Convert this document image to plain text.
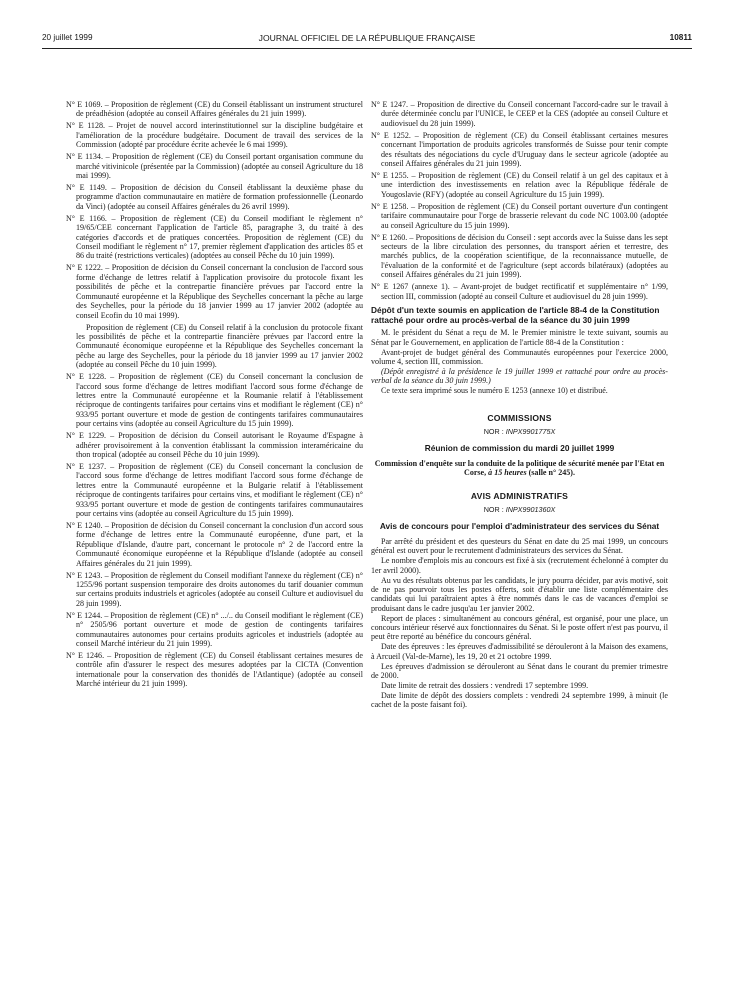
20 juillet 1999	JOURNAL OFFICIEL DE LA RÉPUBLIQUE FRANÇAISE	10811

N° E 1069. – Proposition de règlement (CE) du Conseil établissant un instrument structurel de préadhésion (adoptée au conseil Affaires générales du 21 juin 1999).

N° E 1128. – Projet de nouvel accord interinstitutionnel sur la discipline budgétaire et l'amélioration de la procédure budgétaire. Document de travail des services de la Commission (adopté par procédure écrite achevée le 6 mai 1999).

N° E 1134. – Proposition de règlement (CE) du Conseil portant organisation commune du marché vitivinicole (présentée par la Commission) (adoptée au conseil Agriculture du 18 mai 1999).

N° E 1149. – Proposition de décision du Conseil établissant la deuxième phase du programme d'action communautaire en matière de formation professionnelle (Leonardo da Vinci) (adoptée au conseil Affaires générales du 26 avril 1999).

N° E 1166. – Proposition de règlement (CE) du Conseil modifiant le règlement n° 19/65/CEE concernant l'application de l'article 85, paragraphe 3, du traité à des catégories d'accords et de pratiques concertées. Proposition de règlement (CE) du Conseil modifiant le règlement n° 17, premier règlement d'application des articles 85 et 86 du traité (restrictions verticales) (adoptées au conseil Pêche du 10 juin 1999).

N° E 1222. – Proposition de décision du Conseil concernant la conclusion de l'accord sous forme d'échange de lettres relatif à l'application provisoire du protocole fixant les possibilités de pêche et la contrepartie financière prévues par l'accord entre la Communauté européenne et la République des Seychelles concernant la pêche au large des Seychelles, pour la période du 18 janvier 1999 au 17 janvier 2002 (adoptée au conseil Ecofin du 10 mai 1999).

Proposition de règlement (CE) du Conseil relatif à la conclusion du protocole fixant les possibilités de pêche et la contrepartie financière prévues par l'accord entre la Communauté économique européenne et la République des Seychelles concernant la pêche au large des Seychelles, pour la période du 18 janvier 1999 au 17 janvier 2002 (adoptée au conseil Pêche du 10 juin 1999).

N° E 1228. – Proposition de règlement (CE) du Conseil concernant la conclusion de l'accord sous forme d'échange de lettres modifiant l'accord sous forme d'échange de lettres entre la Communauté européenne et la Roumanie relatif à l'établissement réciproque de contingents tarifaires pour certains vins et modifiant le règlement (CE) n° 933/95 portant ouverture et mode de gestion de contingents tarifaires communautaires pour certains vins (adoptée au conseil Agriculture du 15 juin 1999).

N° E 1229. – Proposition de décision du Conseil autorisant le Royaume d'Espagne à adhérer provisoirement à la convention établissant la commission interaméricaine du thon tropical (adoptée au conseil Pêche du 10 juin 1999).

N° E 1237. – Proposition de règlement (CE) du Conseil concernant la conclusion de l'accord sous forme d'échange de lettres modifiant l'accord sous forme d'échange de lettres entre la Communauté européenne et la Bulgarie relatif à l'établissement réciproque de contingents tarifaires pour certains vins, et modifiant le règlement (CE) n° 933/95 portant ouverture et mode de gestion de contingents tarifaires communautaires pour certains vins (adoptée au conseil Agriculture du 15 juin 1999).

N° E 1240. – Proposition de décision du Conseil concernant la conclusion d'un accord sous forme d'échange de lettres entre la Communauté européenne, d'une part, et la République d'Islande, d'autre part, concernant le protocole n° 2 de l'accord entre la Communauté économique européenne et la République d'Islande (adoptée au conseil Affaires générales du 21 juin 1999).

N° E 1243. – Proposition de règlement du Conseil modifiant l'annexe du règlement (CE) n° 1255/96 portant suspension temporaire des droits autonomes du tarif douanier commun sur certains produits industriels et agricoles (adoptée au conseil Culture et audiovisuel du 28 juin 1999).

N° E 1244. – Proposition de règlement (CE) n° .../.. du Conseil modifiant le règlement (CE) n° 2505/96 portant ouverture et mode de gestion de contingents tarifaires communautaires autonomes pour certains produits agricoles et industriels (adoptée au conseil Marché intérieur du 21 juin 1999).

N° E 1246. – Proposition de règlement (CE) du Conseil établissant certaines mesures de contrôle afin d'assurer le respect des mesures adoptées par la CICTA (Convention internationale pour la conservation des thonidés de l'Atlantique) (adoptée au conseil Marché intérieur du 21 juin 1999).

N° E 1247. – Proposition de directive du Conseil concernant l'accord-cadre sur le travail à durée déterminée conclu par l'UNICE, le CEEP et la CES (adoptée au conseil Culture et audiovisuel du 28 juin 1999).

N° E 1252. – Proposition de règlement (CE) du Conseil établissant certaines mesures concernant l'importation de produits agricoles transformés de Suisse pour tenir compte des résultats des négociations du cycle d'Uruguay dans le secteur agricole (adoptée au conseil Affaires générales du 21 juin 1999).

N° E 1255. – Proposition de règlement (CE) du Conseil relatif à un gel des capitaux et à une interdiction des investissements en relation avec la République fédérale de Yougoslavie (RFY) (adoptée au conseil Agriculture du 15 juin 1999).

N° E 1258. – Proposition de règlement (CE) du Conseil portant ouverture d'un contingent tarifaire communautaire pour l'orge de brasserie relevant du code NC 1003.00 (adoptée au conseil Agriculture du 15 juin 1999).

N° E 1260. – Propositions de décision du Conseil : sept accords avec la Suisse dans les sept secteurs de la libre circulation des personnes, du transport aérien et terrestre, des marchés publics, de la coopération scientifique, de la reconnaissance mutuelle, de l'évaluation de la conformité et de l'agriculture (sept accords bilatéraux) (adoptées au conseil Affaires générales du 21 juin 1999).

N° E 1267 (annexe 1). – Avant-projet de budget rectificatif et supplémentaire n° 1/99, section III, commission (adopté au conseil Culture et audiovisuel du 28 juin 1999).

Dépôt d'un texte soumis en application de l'article 88-4 de la Constitution rattaché pour ordre au procès-verbal de la séance du 30 juin 1999

M. le président du Sénat a reçu de M. le Premier ministre le texte suivant, soumis au Sénat par le Gouvernement, en application de l'article 88-4 de la Constitution :

Avant-projet de budget général des Communautés européennes pour l'exercice 2000, volume 4, section III, commission.

(Dépôt enregistré à la présidence le 19 juillet 1999 et rattaché pour ordre au procès-verbal de la séance du 30 juin 1999.)

Ce texte sera imprimé sous le numéro E 1253 (annexe 10) et distribué.

COMMISSIONS
NOR : INPX9901775X
Réunion de commission du mardi 20 juillet 1999
Commission d'enquête sur la conduite de la politique de sécurité menée par l'Etat en Corse, à 15 heures (salle n° 245).
AVIS ADMINISTRATIFS
NOR : INPX9901360X
Avis de concours pour l'emploi d'administrateur des services du Sénat

Par arrêté du président et des questeurs du Sénat en date du 25 mai 1999, un concours général est ouvert pour le recrutement d'administrateurs des services du Sénat.

Le nombre d'emplois mis au concours est fixé à six (recrutement échelonné à compter du 1er avril 2000).

Au vu des résultats obtenus par les candidats, le jury pourra décider, par avis motivé, soit de ne pas pourvoir tous les postes offerts, soit d'établir une liste complémentaire des candidats qui lui paraîtraient aptes à être nommés dans le cas de vacances d'emploi se produisant dans le cadre jusqu'au 1er janvier 2002.

Report de places : simultanément au concours général, est organisé, pour une place, un concours intérieur réservé aux fonctionnaires du Sénat. Si le poste offert n'est pas pourvu, il peut être reporté au bénéfice du concours général.

Date des épreuves : les épreuves d'admissibilité se dérouleront à la Maison des examens, à Arcueil (Val-de-Marne), les 19, 20 et 21 octobre 1999.

Les épreuves d'admission se dérouleront au Sénat dans le courant du premier trimestre de 2000.

Date limite de retrait des dossiers : vendredi 17 septembre 1999.

Date limite de dépôt des dossiers complets : vendredi 24 septembre 1999, à minuit (le cachet de la poste faisant foi).
